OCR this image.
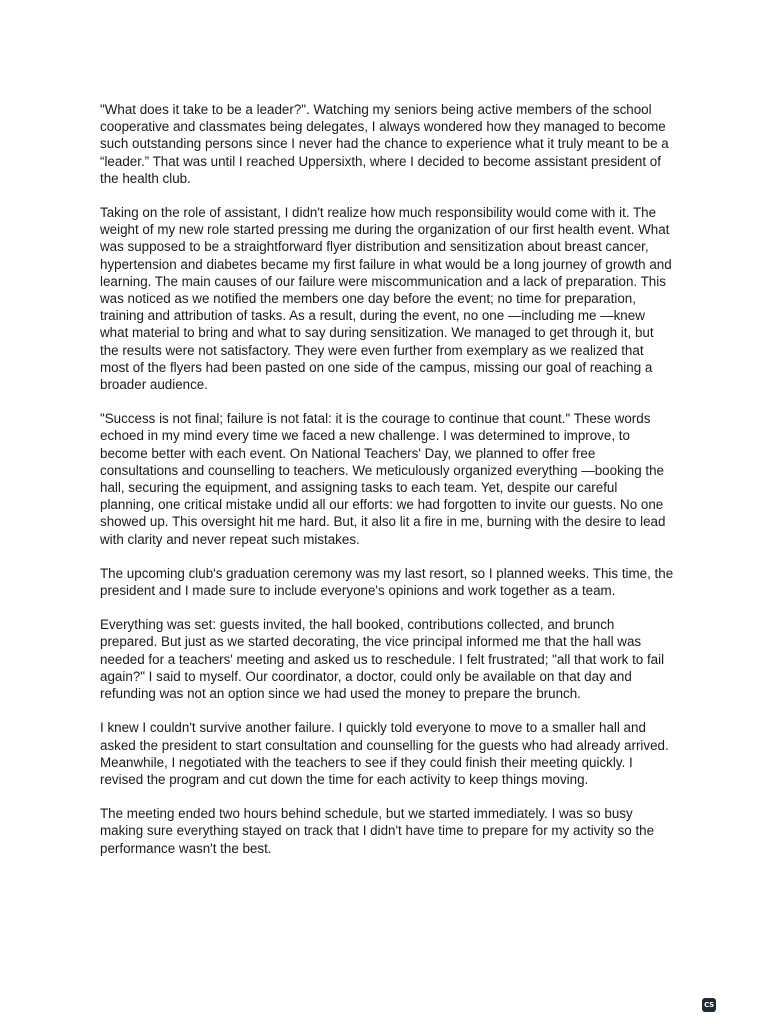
"What does it take to be a leader?". Watching my seniors being active members of the school cooperative and classmates being delegates, I always wondered how they managed to become such outstanding persons since I never had the chance to experience what it truly meant to be a “leader.” That was until I reached Uppersixth, where I decided to become assistant president of the health club.

Taking on the role of assistant, I didn't realize how much responsibility would come with it. The weight of my new role started pressing me during the organization of our first health event. What was supposed to be a straightforward flyer distribution and sensitization about breast cancer, hypertension and diabetes became my first failure in what would be a long journey of growth and learning. The main causes of our failure were miscommunication and a lack of preparation. This was noticed as we notified the members one day before the event; no time for preparation, training and attribution of tasks. As a result, during the event, no one —including me —knew what material to bring and what to say during sensitization. We managed to get through it, but the results were not satisfactory. They were even further from exemplary as we realized that most of the flyers had been pasted on one side of the campus, missing our goal of reaching a broader audience.

"Success is not final; failure is not fatal: it is the courage to continue that count." These words echoed in my mind every time we faced a new challenge. I was determined to improve, to become better with each event. On National Teachers' Day, we planned to offer free consultations and counselling to teachers. We meticulously organized everything —booking the hall, securing the equipment, and assigning tasks to each team. Yet, despite our careful planning, one critical mistake undid all our efforts: we had forgotten to invite our guests. No one showed up. This oversight hit me hard. But, it also lit a fire in me, burning with the desire to lead with clarity and never repeat such mistakes.

The upcoming club's graduation ceremony was my last resort, so I planned weeks. This time, the president and I made sure to include everyone's opinions and work together as a team.

Everything was set: guests invited, the hall booked, contributions collected, and brunch prepared. But just as we started decorating, the vice principal informed me that the hall was needed for a teachers' meeting and asked us to reschedule. I felt frustrated; "all that work to fail again?" I said to myself. Our coordinator, a doctor, could only be available on that day and refunding was not an option since we had used the money to prepare the brunch.

I knew I couldn't survive another failure. I quickly told everyone to move to a smaller hall and asked the president to start consultation and counselling for the guests who had already arrived. Meanwhile, I negotiated with the teachers to see if they could finish their meeting quickly. I revised the program and cut down the time for each activity to keep things moving.

The meeting ended two hours behind schedule, but we started immediately. I was so busy making sure everything stayed on track that I didn't have time to prepare for my activity so the performance wasn't the best.

CS
